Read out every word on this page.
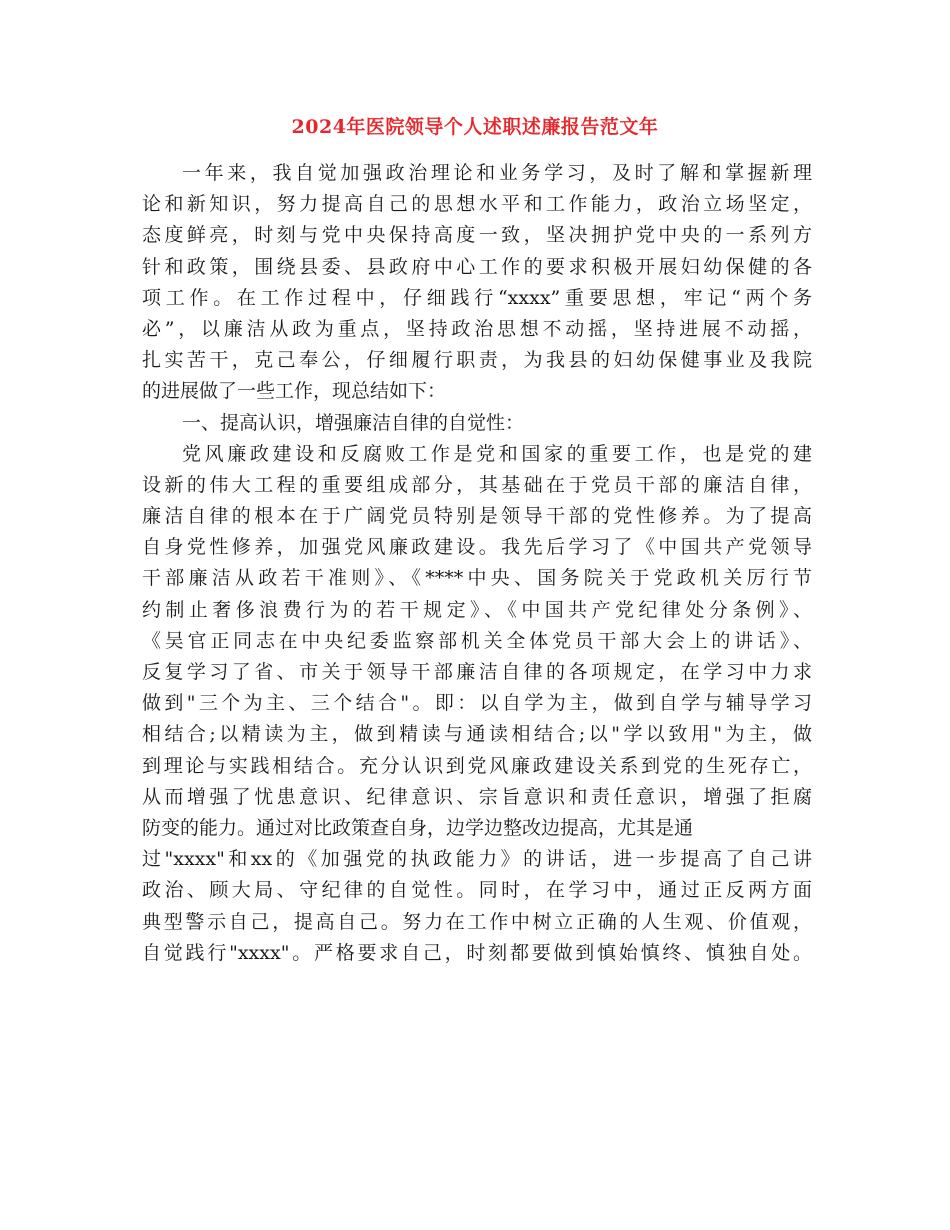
2024年医院领导个人述职述廉报告范文年
一年来，我自觉加强政治理论和业务学习，及时了解和掌握新理
论和新知识，努力提高自己的思想水平和工作能力，政治立场坚定，
态度鲜亮，时刻与党中央保持高度一致，坚决拥护党中央的一系列方
针和政策，围绕县委、县政府中心工作的要求积极开展妇幼保健的各
项工作。在工作过程中，仔细践行“xxxx”重要思想，牢记“两个务
必”，以廉洁从政为重点，坚持政治思想不动摇，坚持进展不动摇，
扎实苦干，克己奉公，仔细履行职责，为我县的妇幼保健事业及我院
的进展做了一些工作，现总结如下：
一、提高认识，增强廉洁自律的自觉性：
党风廉政建设和反腐败工作是党和国家的重要工作，也是党的建
设新的伟大工程的重要组成部分，其基础在于党员干部的廉洁自律，
廉洁自律的根本在于广阔党员特别是领导干部的党性修养。为了提高
自身党性修养，加强党风廉政建设。我先后学习了《中国共产党领导
干部廉洁从政若干准则》、《****中央、国务院关于党政机关厉行节
约制止奢侈浪费行为的若干规定》、《中国共产党纪律处分条例》、
《吴官正同志在中央纪委监察部机关全体党员干部大会上的讲话》、
反复学习了省、市关于领导干部廉洁自律的各项规定，在学习中力求
做到"三个为主、三个结合"。即：以自学为主，做到自学与辅导学习
相结合;以精读为主，做到精读与通读相结合;以"学以致用"为主，做
到理论与实践相结合。充分认识到党风廉政建设关系到党的生死存亡，
从而增强了忧患意识、纪律意识、宗旨意识和责任意识，增强了拒腐
防变的能力。通过对比政策查自身，边学边整改边提高，尤其是通
过"xxxx"和xx的《加强党的执政能力》的讲话，进一步提高了自己讲
政治、顾大局、守纪律的自觉性。同时，在学习中，通过正反两方面
典型警示自己，提高自己。努力在工作中树立正确的人生观、价值观，
自觉践行"xxxx"。严格要求自己，时刻都要做到慎始慎终、慎独自处。
